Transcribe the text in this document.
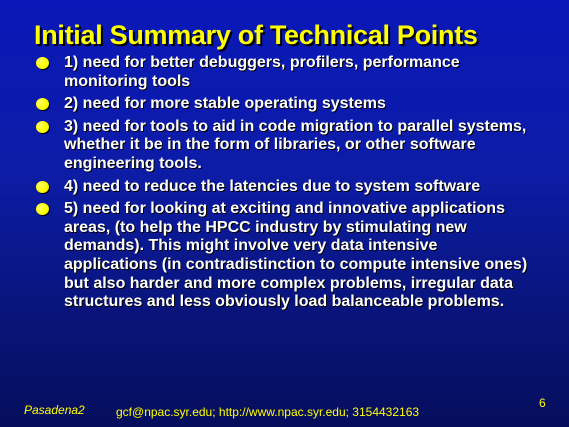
Initial Summary of Technical Points
1) need for better debuggers, profilers, performance monitoring tools
2) need for more stable operating systems
3) need for tools to aid in code migration to parallel systems, whether it be in the form of libraries, or other software engineering tools.
4) need to reduce the latencies due to system software
5) need for looking at exciting and innovative applications areas, (to help the HPCC industry by stimulating new demands). This might involve very data intensive applications (in contradistinction to compute intensive ones) but also harder and more complex problems, irregular data structures and less obviously load balanceable problems.
Pasadena2	gcf@npac.syr.edu; http://www.npac.syr.edu; 3154432163
6
